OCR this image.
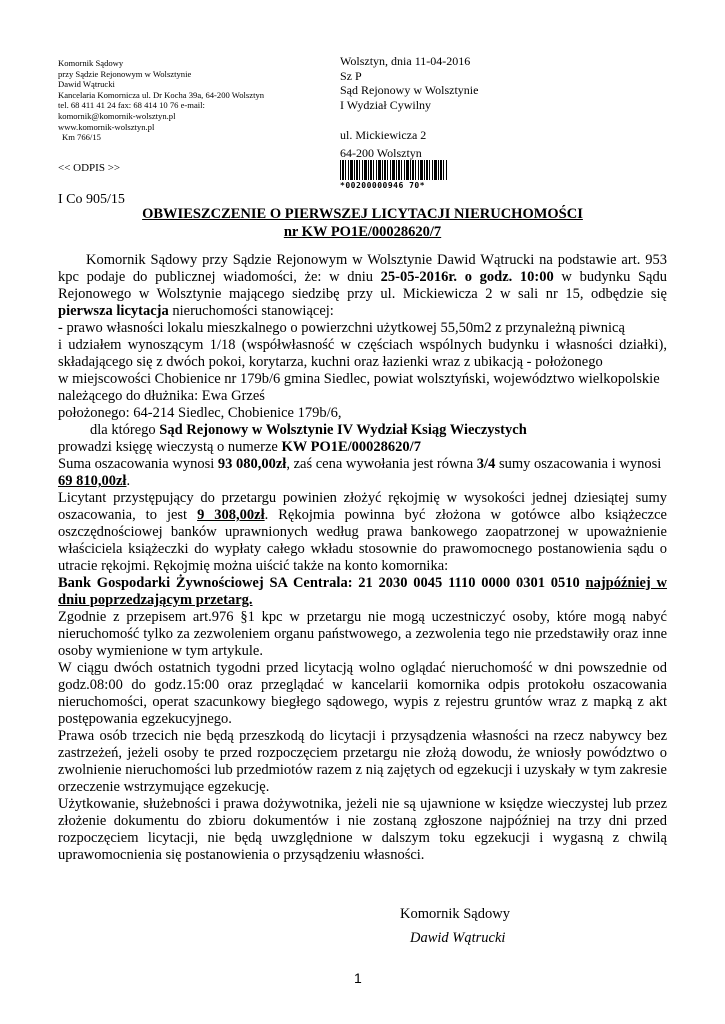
Komornik Sądowy
przy Sądzie Rejonowym w Wolsztynie
Dawid Wątrucki
Kancelaria Komornicza ul. Dr Kocha 39a, 64-200 Wolsztyn
tel. 68 411 41 24 fax: 68 414 10 76 e-mail:
komornik@komornik-wolsztyn.pl
www.komornik-wolsztyn.pl
Km 766/15
Wolsztyn, dnia 11-04-2016
Sz P
Sąd Rejonowy w Wolsztynie
I Wydział Cywilny
ul. Mickiewicza 2
64-200 Wolsztyn
*00200000946 70*
<< ODPIS >>
I Co 905/15
OBWIESZCZENIE O PIERWSZEJ LICYTACJI NIERUCHOMOŚCI
nr KW PO1E/00028620/7

Komornik Sądowy przy Sądzie Rejonowym w Wolsztynie Dawid Wątrucki na podstawie art. 953 kpc podaje do publicznej wiadomości, że: w dniu 25-05-2016r. o godz. 10:00 w budynku Sądu Rejonowego w Wolsztynie mającego siedzibę przy ul. Mickiewicza 2 w sali nr 15, odbędzie się pierwsza licytacja nieruchomości stanowiącej:

- prawo własności lokalu mieszkalnego o powierzchni użytkowej 55,50m2 z przynależną piwnicą

i udziałem wynoszącym 1/18 (współwłasność w częściach wspólnych budynku i własności działki), składającego się z dwóch pokoi, korytarza, kuchni oraz łazienki wraz z ubikacją - położonego

w miejscowości Chobienice nr 179b/6 gmina Siedlec, powiat wolsztyński, województwo wielkopolskie

należącego do dłużnika: Ewa Grześ

położonego: 64-214 Siedlec, Chobienice 179b/6,

dla którego Sąd Rejonowy w Wolsztynie IV Wydział Ksiąg Wieczystych

prowadzi księgę wieczystą o numerze KW PO1E/00028620/7

Suma oszacowania wynosi 93 080,00zł, zaś cena wywołania jest równa 3/4 sumy oszacowania i wynosi

69 810,00zł.

Licytant przystępujący do przetargu powinien złożyć rękojmię w wysokości jednej dziesiątej sumy oszacowania, to jest 9 308,00zł. Rękojmia powinna być złożona w gotówce albo książeczce oszczędnościowej banków uprawnionych według prawa bankowego zaopatrzonej w upoważnienie właściciela książeczki do wypłaty całego wkładu stosownie do prawomocnego postanowienia sądu o utracie rękojmi. Rękojmię można uiścić także na konto komornika:
Bank Gospodarki Żywnościowej SA Centrala: 21 2030 0045 1110 0000 0301 0510 najpóźniej w dniu poprzedzającym przetarg.

Zgodnie z przepisem art.976 §1 kpc w przetargu nie mogą uczestniczyć osoby, które mogą nabyć nieruchomość tylko za zezwoleniem organu państwowego, a zezwolenia tego nie przedstawiły oraz inne osoby wymienione w tym artykule.

W ciągu dwóch ostatnich tygodni przed licytacją wolno oglądać nieruchomość w dni powszednie od godz.08:00 do godz.15:00 oraz przeglądać w kancelarii komornika odpis protokołu oszacowania nieruchomości, operat szacunkowy biegłego sądowego, wypis z rejestru gruntów wraz z mapką z akt postępowania egzekucyjnego.

Prawa osób trzecich nie będą przeszkodą do licytacji i przysądzenia własności na rzecz nabywcy bez zastrzeżeń, jeżeli osoby te przed rozpoczęciem przetargu nie złożą dowodu, że wniosły powództwo o zwolnienie nieruchomości lub przedmiotów razem z nią zajętych od egzekucji i uzyskały w tym zakresie orzeczenie wstrzymujące egzekucję.

Użytkowanie, służebności i prawa dożywotnika, jeżeli nie są ujawnione w księdze wieczystej lub przez złożenie dokumentu do zbioru dokumentów i nie zostaną zgłoszone najpóźniej na trzy dni przed rozpoczęciem licytacji, nie będą uwzględnione w dalszym toku egzekucji i wygasną z chwilą uprawomocnienia się postanowienia o przysądzeniu własności.

Komornik Sądowy
Dawid Wątrucki
1
